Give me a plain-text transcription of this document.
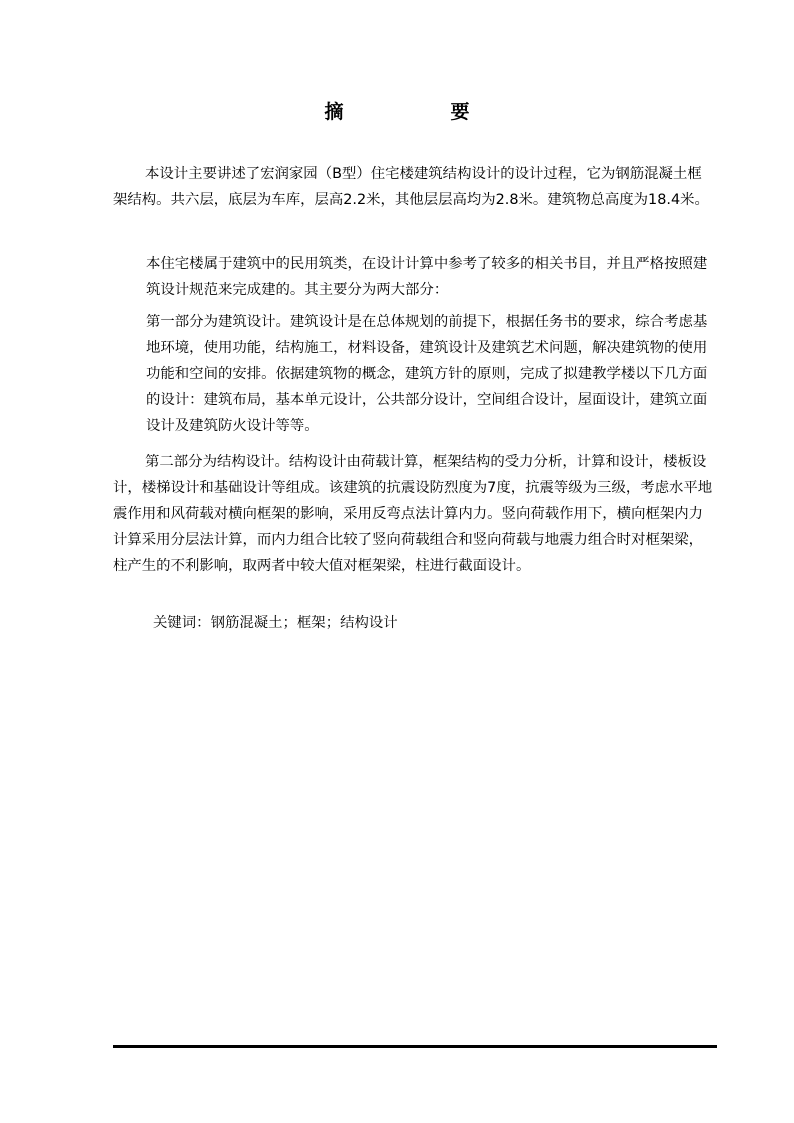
摘　要

本设计主要讲述了宏润家园（B型）住宅楼建筑结构设计的设计过程，它为钢筋混凝土框架结构。共六层，底层为车库，层高2.2米，其他层层高均为2.8米。建筑物总高度为18.4米。

本住宅楼属于建筑中的民用筑类，在设计计算中参考了较多的相关书目，并且严格按照建筑设计规范来完成建的。其主要分为两大部分：

第一部分为建筑设计。建筑设计是在总体规划的前提下，根据任务书的要求，综合考虑基地环境，使用功能，结构施工，材料设备，建筑设计及建筑艺术问题，解决建筑物的使用功能和空间的安排。依据建筑物的概念，建筑方针的原则，完成了拟建教学楼以下几方面的设计：建筑布局，基本单元设计，公共部分设计，空间组合设计，屋面设计，建筑立面设计及建筑防火设计等等。

第二部分为结构设计。结构设计由荷载计算，框架结构的受力分析，计算和设计，楼板设计，楼梯设计和基础设计等组成。该建筑的抗震设防烈度为7度，抗震等级为三级，考虑水平地震作用和风荷载对横向框架的影响，采用反弯点法计算内力。竖向荷载作用下，横向框架内力计算采用分层法计算，而内力组合比较了竖向荷载组合和竖向荷载与地震力组合时对框架梁，柱产生的不利影响，取两者中较大值对框架梁，柱进行截面设计。

关键词：钢筋混凝土；框架；结构设计
